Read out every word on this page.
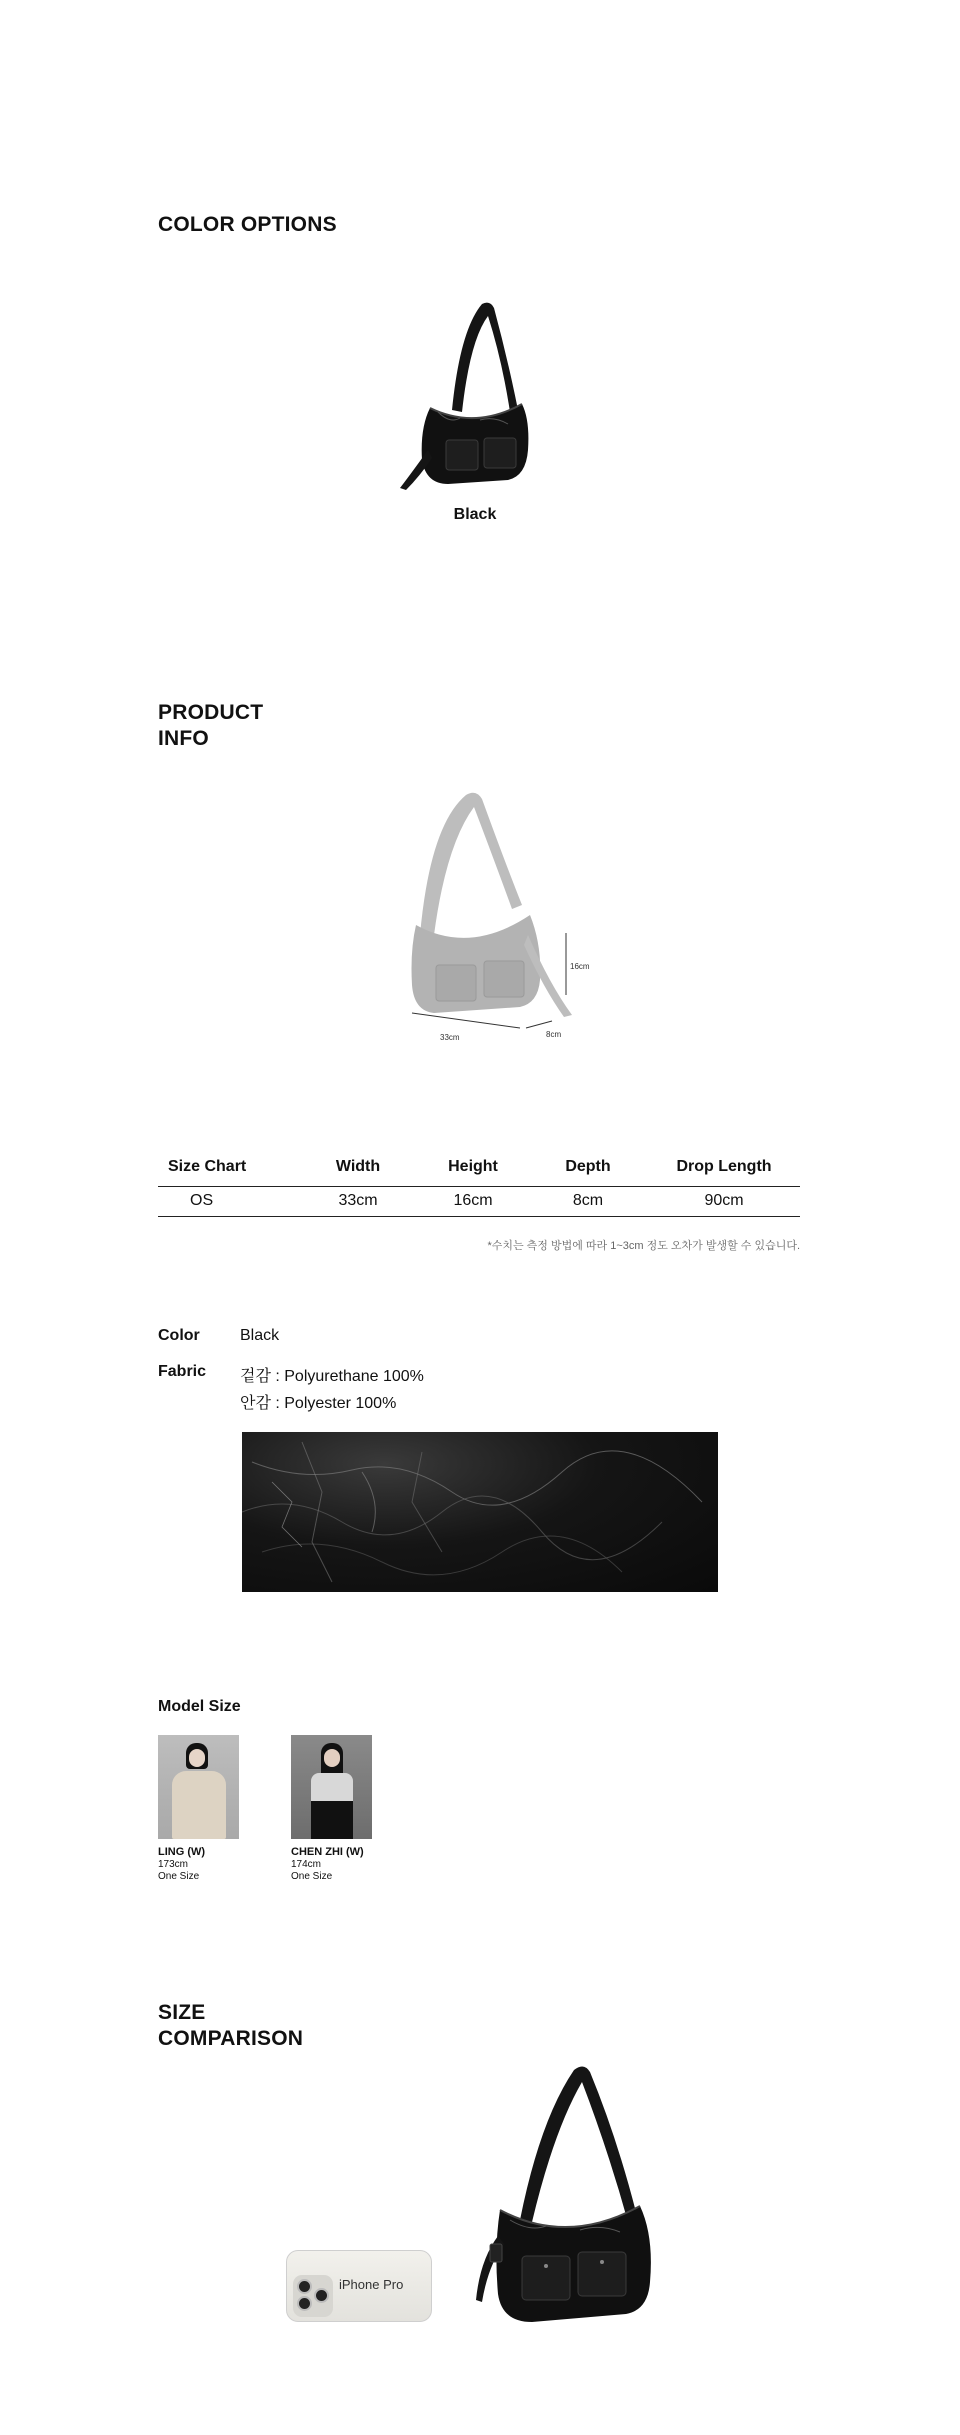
COLOR OPTIONS
Black
PRODUCT
INFO
16cm
33cm	8cm
Size Chart	Width	Height	Depth	Drop Length
OS	33cm	16cm	8cm	90cm
*수치는 측정 방법에 따라 1~3cm 정도 오차가 발생할 수 있습니다.
Color	Black
Fabric 겉감 : Polyurethane 100%
안감 : Polyester 100%
Model Size
LING (W)
173cm
One Size
CHEN ZHI (W)
174cm
One Size
SIZE
COMPARISON
iPhone Pro
